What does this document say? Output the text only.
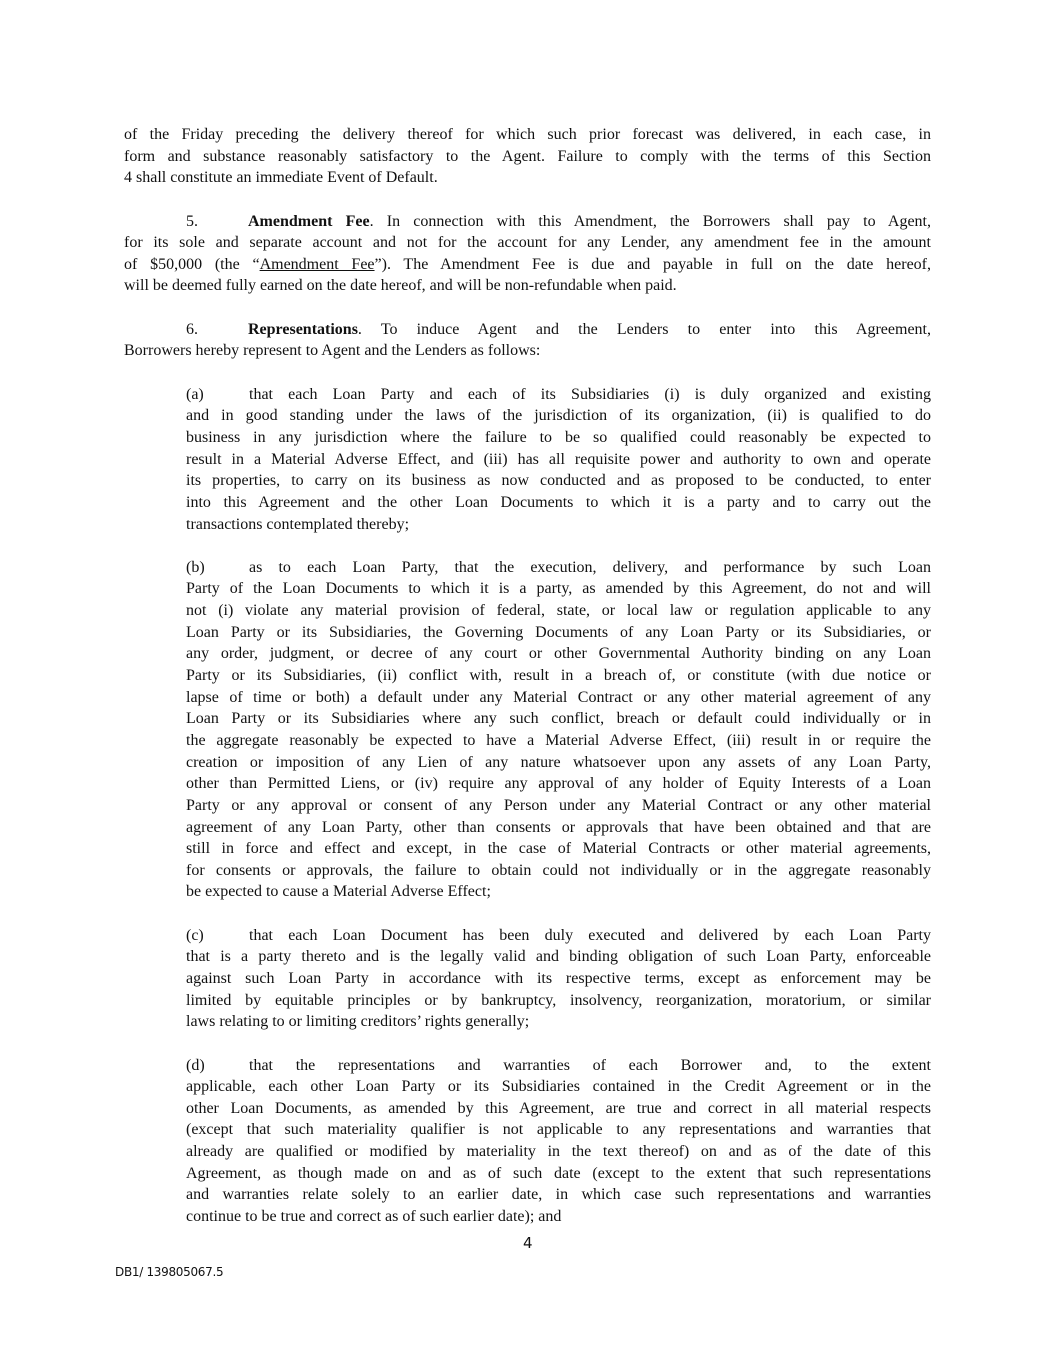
of the Friday preceding the delivery thereof for which such prior forecast was delivered, in each case, in
form and substance reasonably satisfactory to the Agent. Failure to comply with the terms of this Section
4 shall constitute an immediate Event of Default.
5.	Amendment Fee. In connection with this Amendment, the Borrowers shall pay to Agent,
for its sole and separate account and not for the account for any Lender, any amendment fee in the amount
of $50,000 (the “Amendment Fee”). The Amendment Fee is due and payable in full on the date hereof,
will be deemed fully earned on the date hereof, and will be non-refundable when paid.
6.	Representations. To induce Agent and the Lenders to enter into this Agreement,
Borrowers hereby represent to Agent and the Lenders as follows:
(a)	that each Loan Party and each of its Subsidiaries (i) is duly organized and existing
and in good standing under the laws of the jurisdiction of its organization, (ii) is qualified to do
business in any jurisdiction where the failure to be so qualified could reasonably be expected to
result in a Material Adverse Effect, and (iii) has all requisite power and authority to own and operate
its properties, to carry on its business as now conducted and as proposed to be conducted, to enter
into this Agreement and the other Loan Documents to which it is a party and to carry out the
transactions contemplated thereby;
(b)	as to each Loan Party, that the execution, delivery, and performance by such Loan
Party of the Loan Documents to which it is a party, as amended by this Agreement, do not and will
not (i) violate any material provision of federal, state, or local law or regulation applicable to any
Loan Party or its Subsidiaries, the Governing Documents of any Loan Party or its Subsidiaries, or
any order, judgment, or decree of any court or other Governmental Authority binding on any Loan
Party or its Subsidiaries, (ii) conflict with, result in a breach of, or constitute (with due notice or
lapse of time or both) a default under any Material Contract or any other material agreement of any
Loan Party or its Subsidiaries where any such conflict, breach or default could individually or in
the aggregate reasonably be expected to have a Material Adverse Effect, (iii) result in or require the
creation or imposition of any Lien of any nature whatsoever upon any assets of any Loan Party,
other than Permitted Liens, or (iv) require any approval of any holder of Equity Interests of a Loan
Party or any approval or consent of any Person under any Material Contract or any other material
agreement of any Loan Party, other than consents or approvals that have been obtained and that are
still in force and effect and except, in the case of Material Contracts or other material agreements,
for consents or approvals, the failure to obtain could not individually or in the aggregate reasonably
be expected to cause a Material Adverse Effect;
(c)	that each Loan Document has been duly executed and delivered by each Loan Party
that is a party thereto and is the legally valid and binding obligation of such Loan Party, enforceable
against such Loan Party in accordance with its respective terms, except as enforcement may be
limited by equitable principles or by bankruptcy, insolvency, reorganization, moratorium, or similar
laws relating to or limiting creditors’ rights generally;
(d)	that the representations and warranties of each Borrower and, to the extent
applicable, each other Loan Party or its Subsidiaries contained in the Credit Agreement or in the
other Loan Documents, as amended by this Agreement, are true and correct in all material respects
(except that such materiality qualifier is not applicable to any representations and warranties that
already are qualified or modified by materiality in the text thereof) on and as of the date of this
Agreement, as though made on and as of such date (except to the extent that such representations
and warranties relate solely to an earlier date, in which case such representations and warranties
continue to be true and correct as of such earlier date); and
4
DB1/ 139805067.5
